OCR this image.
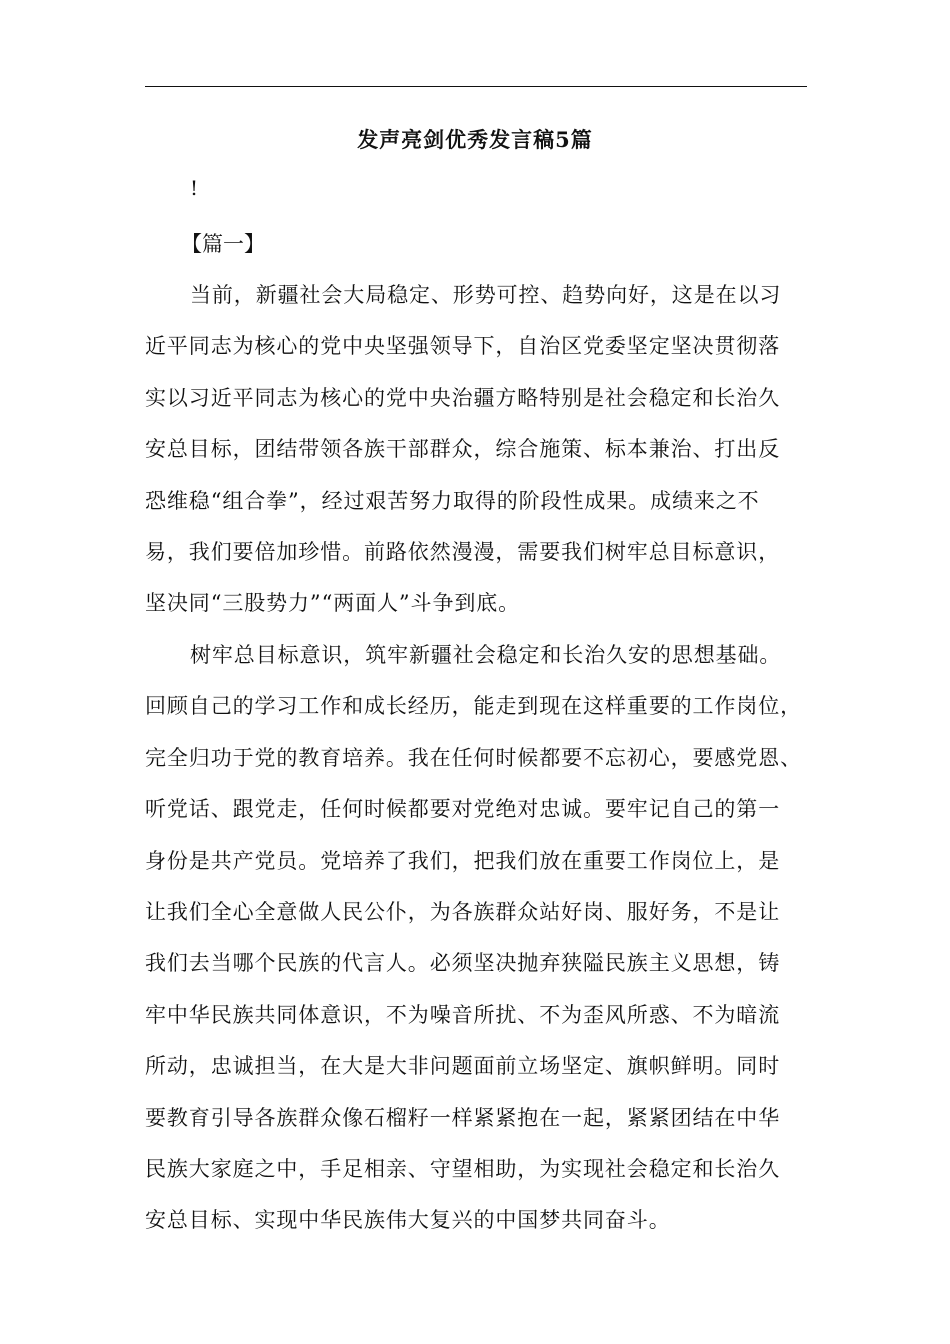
发声亮剑优秀发言稿5篇
!
【篇一】
当前，新疆社会大局稳定、形势可控、趋势向好，这是在以习
近平同志为核心的党中央坚强领导下，自治区党委坚定坚决贯彻落
实以习近平同志为核心的党中央治疆方略特别是社会稳定和长治久
安总目标，团结带领各族干部群众，综合施策、标本兼治、打出反
恐维稳“组合拳”，经过艰苦努力取得的阶段性成果。成绩来之不
易，我们要倍加珍惜。前路依然漫漫，需要我们树牢总目标意识，
坚决同“三股势力”“两面人”斗争到底。
树牢总目标意识，筑牢新疆社会稳定和长治久安的思想基础。
回顾自己的学习工作和成长经历，能走到现在这样重要的工作岗位，
完全归功于党的教育培养。我在任何时候都要不忘初心，要感党恩、
听党话、跟党走，任何时候都要对党绝对忠诚。要牢记自己的第一
身份是共产党员。党培养了我们，把我们放在重要工作岗位上，是
让我们全心全意做人民公仆，为各族群众站好岗、服好务，不是让
我们去当哪个民族的代言人。必须坚决抛弃狭隘民族主义思想，铸
牢中华民族共同体意识，不为噪音所扰、不为歪风所惑、不为暗流
所动，忠诚担当，在大是大非问题面前立场坚定、旗帜鲜明。同时
要教育引导各族群众像石榴籽一样紧紧抱在一起，紧紧团结在中华
民族大家庭之中，手足相亲、守望相助，为实现社会稳定和长治久
安总目标、实现中华民族伟大复兴的中国梦共同奋斗。
